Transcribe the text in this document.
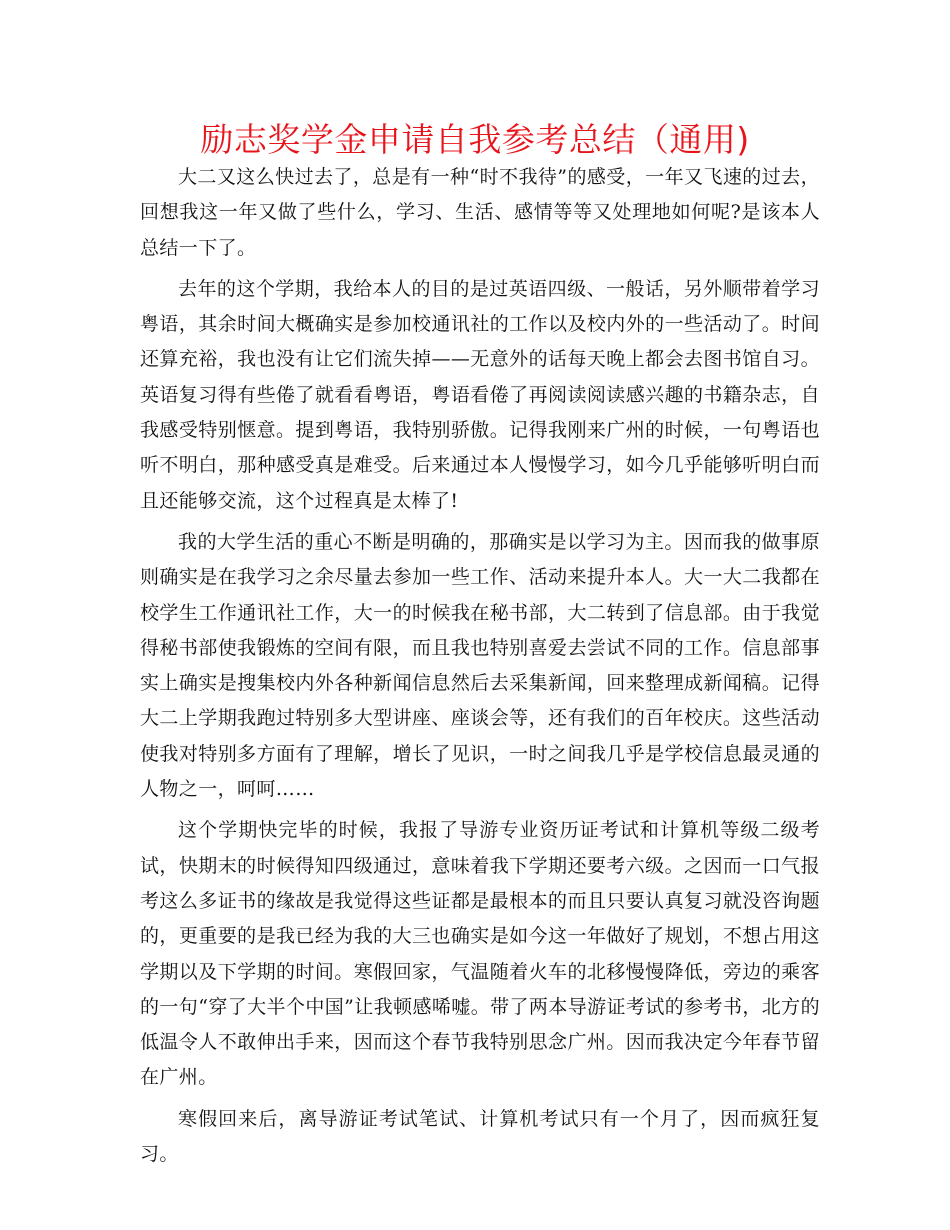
励志奖学金申请自我参考总结（通用)

大二又这么快过去了，总是有一种“时不我待”的感受，一年又飞速的过去，回想我这一年又做了些什么，学习、生活、感情等等又处理地如何呢?是该本人总结一下了。

去年的这个学期，我给本人的目的是过英语四级、一般话，另外顺带着学习粤语，其余时间大概确实是参加校通讯社的工作以及校内外的一些活动了。时间还算充裕，我也没有让它们流失掉——无意外的话每天晚上都会去图书馆自习。英语复习得有些倦了就看看粤语，粤语看倦了再阅读阅读感兴趣的书籍杂志，自我感受特别惬意。提到粤语，我特别骄傲。记得我刚来广州的时候，一句粤语也听不明白，那种感受真是难受。后来通过本人慢慢学习，如今几乎能够听明白而且还能够交流，这个过程真是太棒了!

我的大学生活的重心不断是明确的，那确实是以学习为主。因而我的做事原则确实是在我学习之余尽量去参加一些工作、活动来提升本人。大一大二我都在校学生工作通讯社工作，大一的时候我在秘书部，大二转到了信息部。由于我觉得秘书部使我锻炼的空间有限，而且我也特别喜爱去尝试不同的工作。信息部事实上确实是搜集校内外各种新闻信息然后去采集新闻，回来整理成新闻稿。记得大二上学期我跑过特别多大型讲座、座谈会等，还有我们的百年校庆。这些活动使我对特别多方面有了理解，增长了见识，一时之间我几乎是学校信息最灵通的人物之一，呵呵……

这个学期快完毕的时候，我报了导游专业资历证考试和计算机等级二级考试，快期末的时候得知四级通过，意味着我下学期还要考六级。之因而一口气报考这么多证书的缘故是我觉得这些证都是最根本的而且只要认真复习就没咨询题的，更重要的是我已经为我的大三也确实是如今这一年做好了规划，不想占用这学期以及下学期的时间。寒假回家，气温随着火车的北移慢慢降低，旁边的乘客的一句“穿了大半个中国”让我顿感唏嘘。带了两本导游证考试的参考书，北方的低温令人不敢伸出手来，因而这个春节我特别思念广州。因而我决定今年春节留在广州。

寒假回来后，离导游证考试笔试、计算机考试只有一个月了，因而疯狂复习。
